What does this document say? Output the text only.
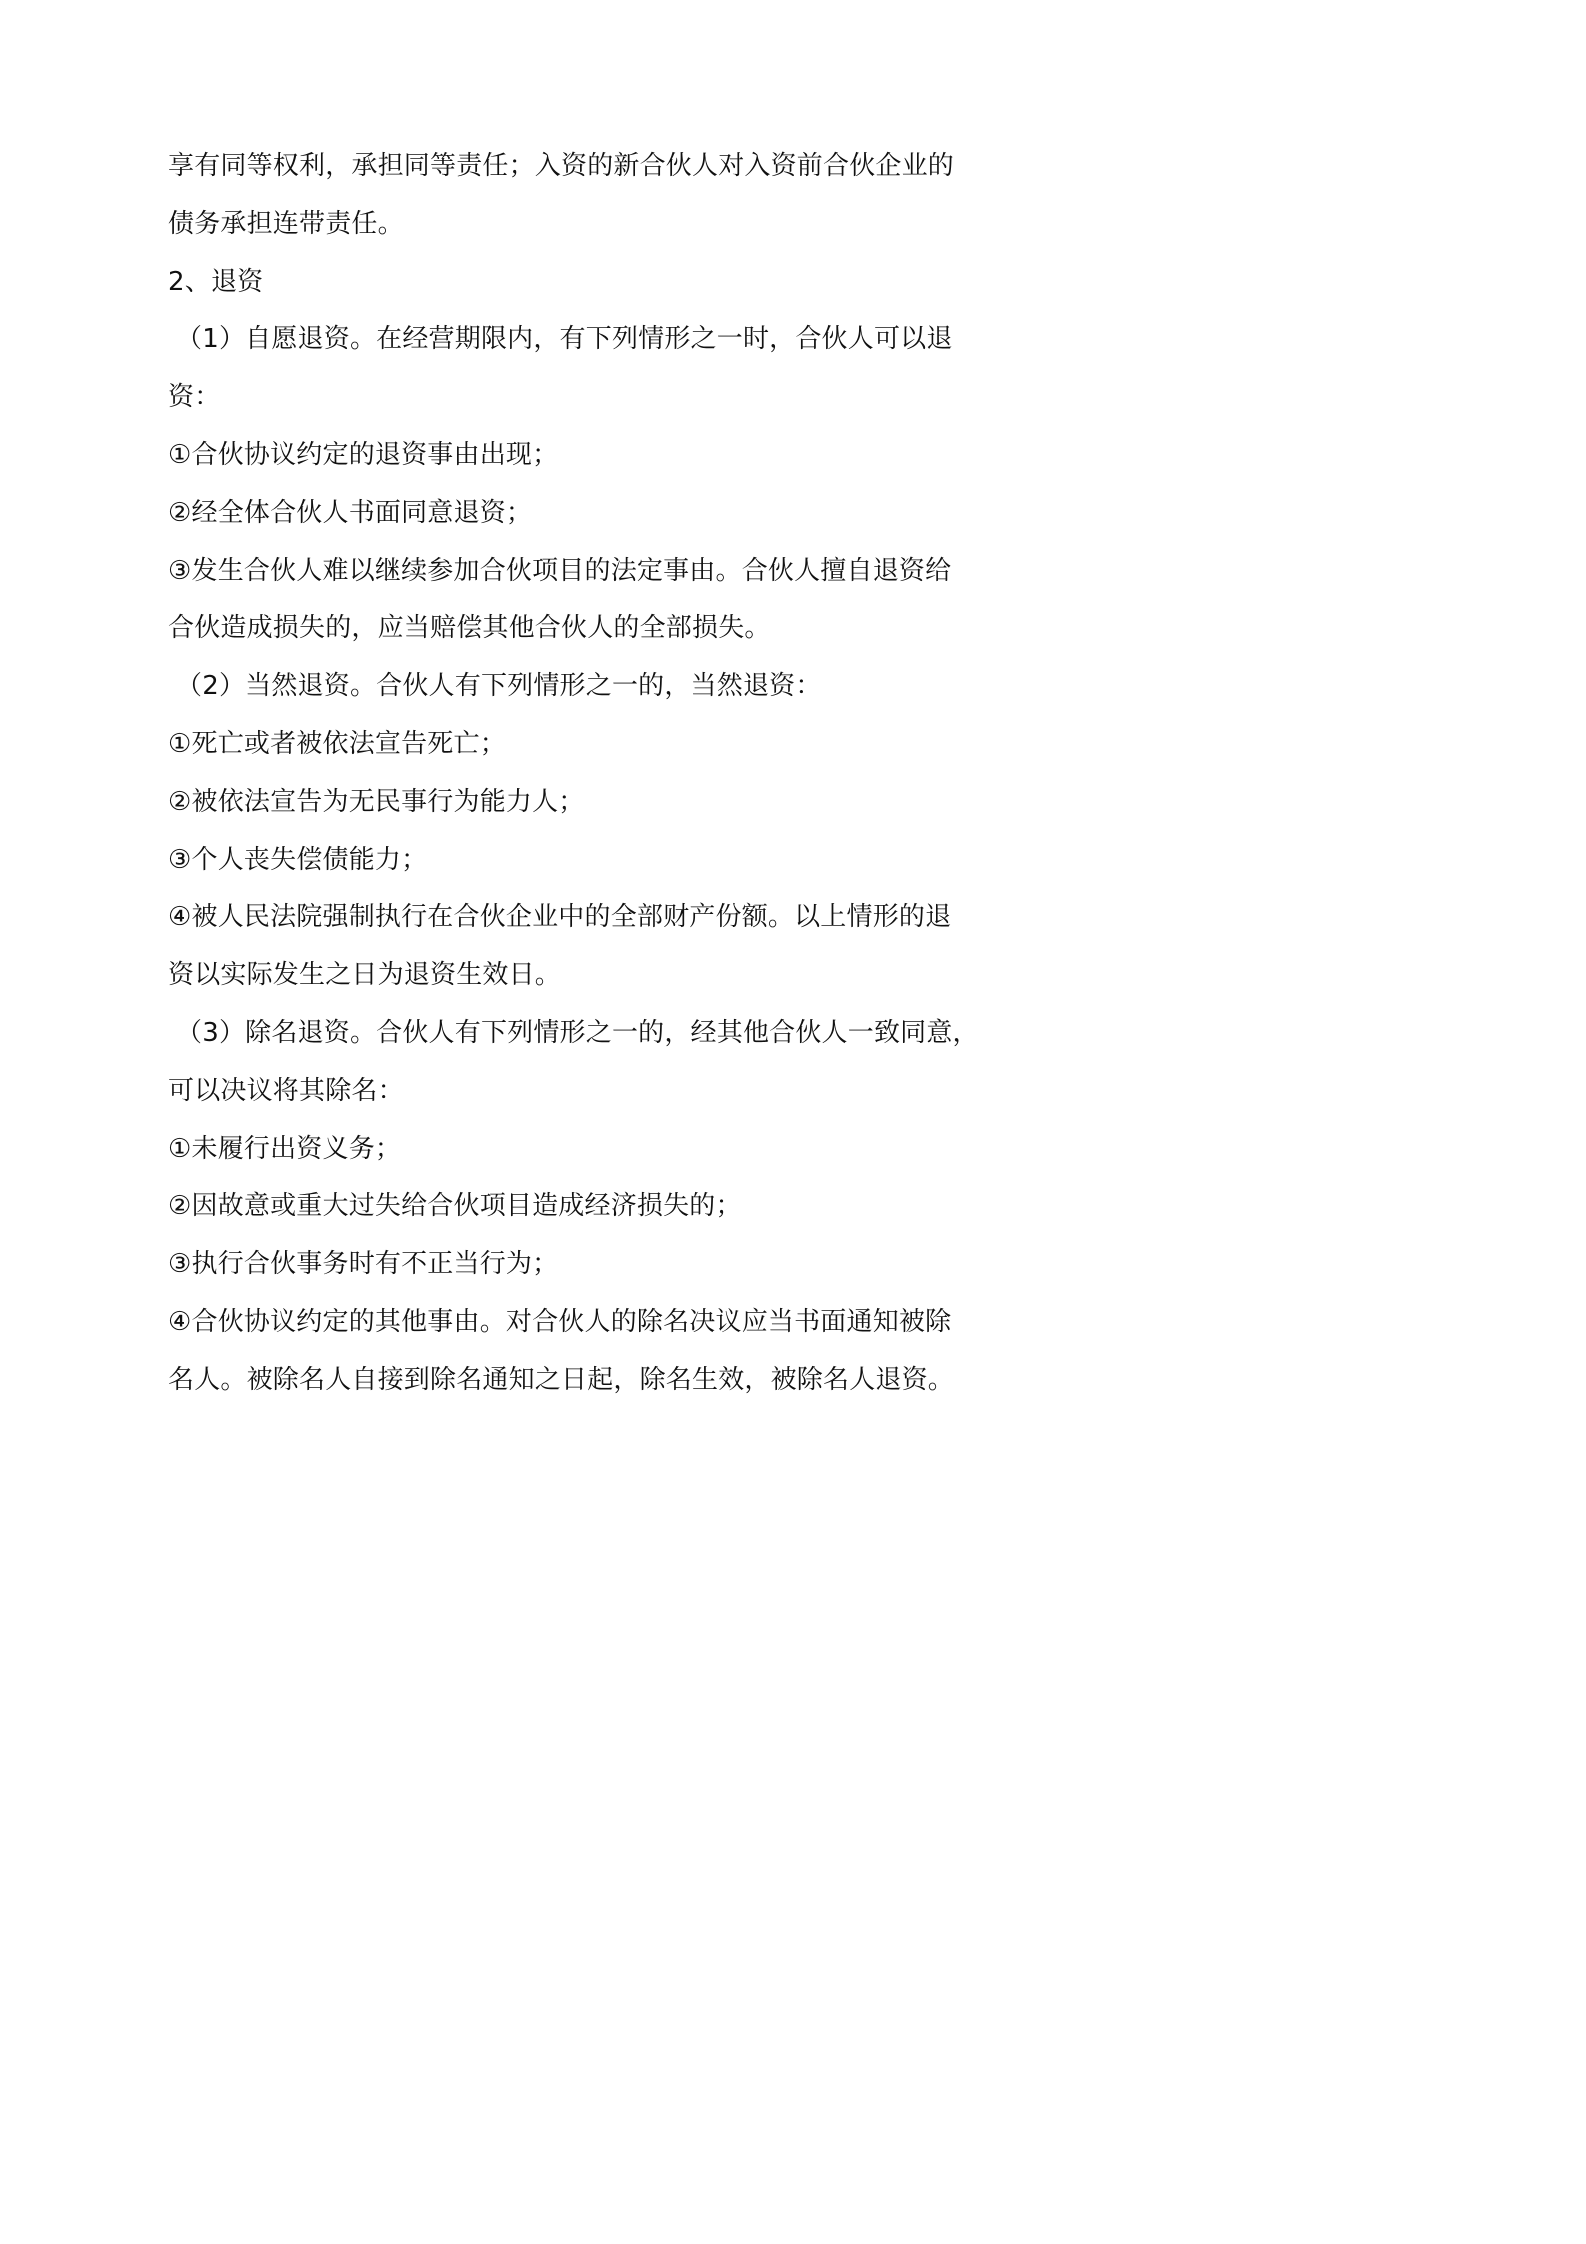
享有同等权利，承担同等责任；入资的新合伙人对入资前合伙企业的
债务承担连带责任。
2、退资
（1）自愿退资。在经营期限内，有下列情形之一时，合伙人可以退
资：
①合伙协议约定的退资事由出现；
②经全体合伙人书面同意退资；
③发生合伙人难以继续参加合伙项目的法定事由。合伙人擅自退资给
合伙造成损失的，应当赔偿其他合伙人的全部损失。
（2）当然退资。合伙人有下列情形之一的，当然退资：
①死亡或者被依法宣告死亡；
②被依法宣告为无民事行为能力人；
③个人丧失偿债能力；
④被人民法院强制执行在合伙企业中的全部财产份额。以上情形的退
资以实际发生之日为退资生效日。
（3）除名退资。合伙人有下列情形之一的，经其他合伙人一致同意，
可以决议将其除名：
①未履行出资义务；
②因故意或重大过失给合伙项目造成经济损失的；
③执行合伙事务时有不正当行为；
④合伙协议约定的其他事由。对合伙人的除名决议应当书面通知被除
名人。被除名人自接到除名通知之日起，除名生效，被除名人退资。
